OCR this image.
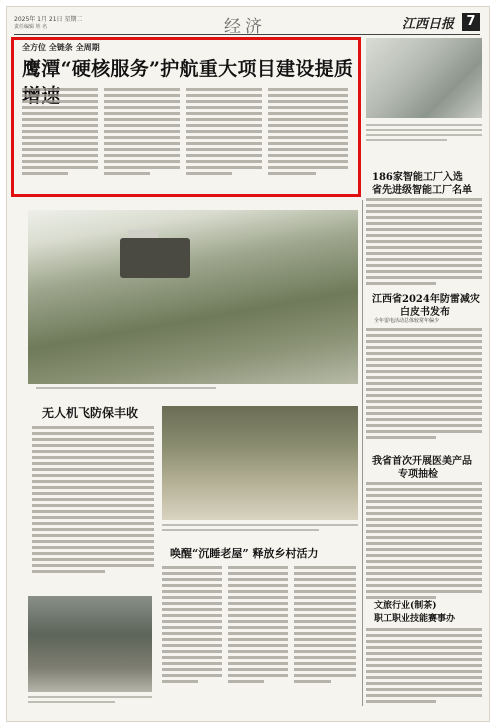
2025年 1月 21日 星期二
责任编辑 姓 名	经济	江西日报 7
全方位 全链条 全周期
鹰潭“硬核服务”护航重大项目建设提质
186家智能工厂入选
省先进级智能工厂名单
江西省2024年防雷减灾
白皮书发布
全年雷电活动总体较常年偏少
我省首次开展医美产品
专项抽检
文旅行业(制茶)
职工职业技能赛事办
无人机飞防保丰收
唤醒“沉睡老屋” 释放乡村活力
